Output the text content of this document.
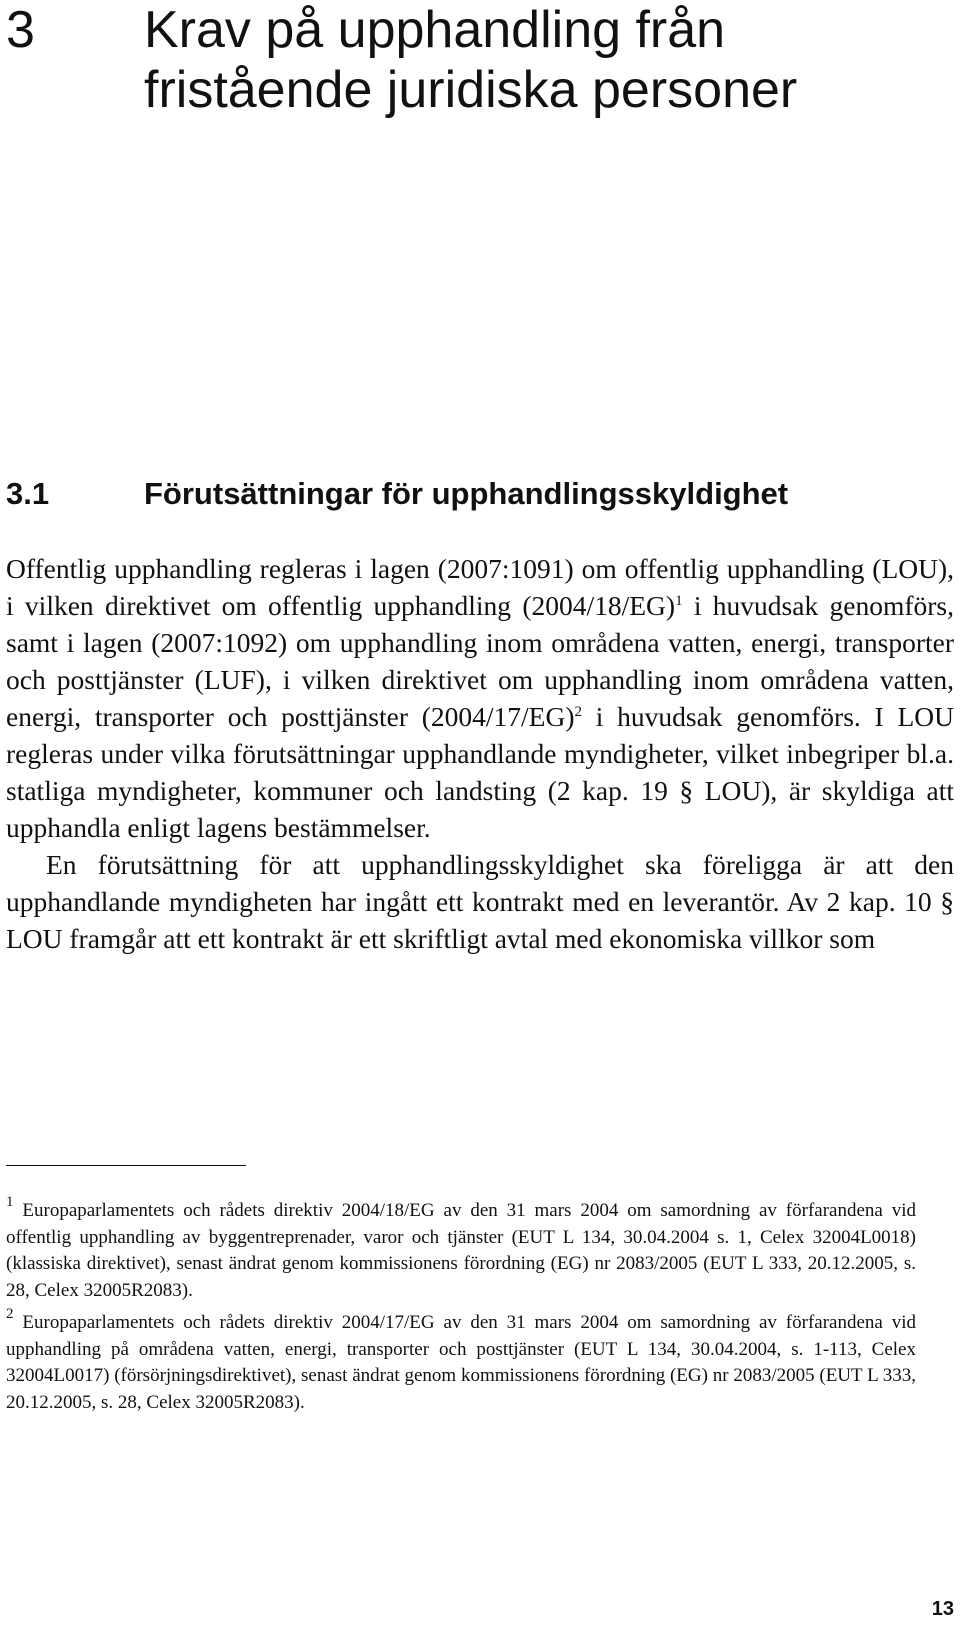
3 Krav på upphandling från fristående juridiska personer
3.1	Förutsättningar för upphandlingsskyldighet

Offentlig upphandling regleras i lagen (2007:1091) om offentlig upphandling (LOU), i vilken direktivet om offentlig upphandling $(2004/18/EG)^1$ i huvudsak genomförs, samt i lagen (2007:1092) om upphandling inom områdena vatten, energi, transporter och posttjänster (LUF), i vilken direktivet om upphandling inom områdena vatten, energi, transporter och posttjänster $(2004/17/EG)^2$ i huvudsak genomförs. I LOU regleras under vilka förutsättningar upphandlande myndigheter, vilket inbegriper bl.a. statliga myndigheter, kommuner och landsting (2 kap. 19 § LOU), är skyldiga att upphandla enligt lagens bestämmelser.

En förutsättning för att upphandlingsskyldighet ska föreligga är att den upphandlande myndigheten har ingått ett kontrakt med en leverantör. Av 2 kap. 10 § LOU framgår att ett kontrakt är ett skriftligt avtal med ekonomiska villkor som

$^1$ Europaparlamentets och rådets direktiv 2004/18/EG av den 31 mars 2004 om samordning av förfarandena vid offentlig upphandling av byggentreprenader, varor och tjänster (EUT L 134, 30.04.2004 s. 1, Celex 32004L0018)(klassiska direktivet), senast ändrat genom kommissionens förordning (EG) nr 2083/2005 (EUT L 333, 20.12.2005, s. 28, Celex 32005R2083).

$^2$ Europaparlamentets och rådets direktiv 2004/17/EG av den 31 mars 2004 om samordning av förfarandena vid upphandling på områdena vatten, energi, transporter och posttjänster (EUT L 134, 30.04.2004, s. 1-113, Celex 32004L0017) (försörjningsdirektivet), senast ändrat genom kommissionens förordning (EG) nr 2083/2005 (EUT L 333, 20.12.2005, s. 28, Celex 32005R2083).

13
